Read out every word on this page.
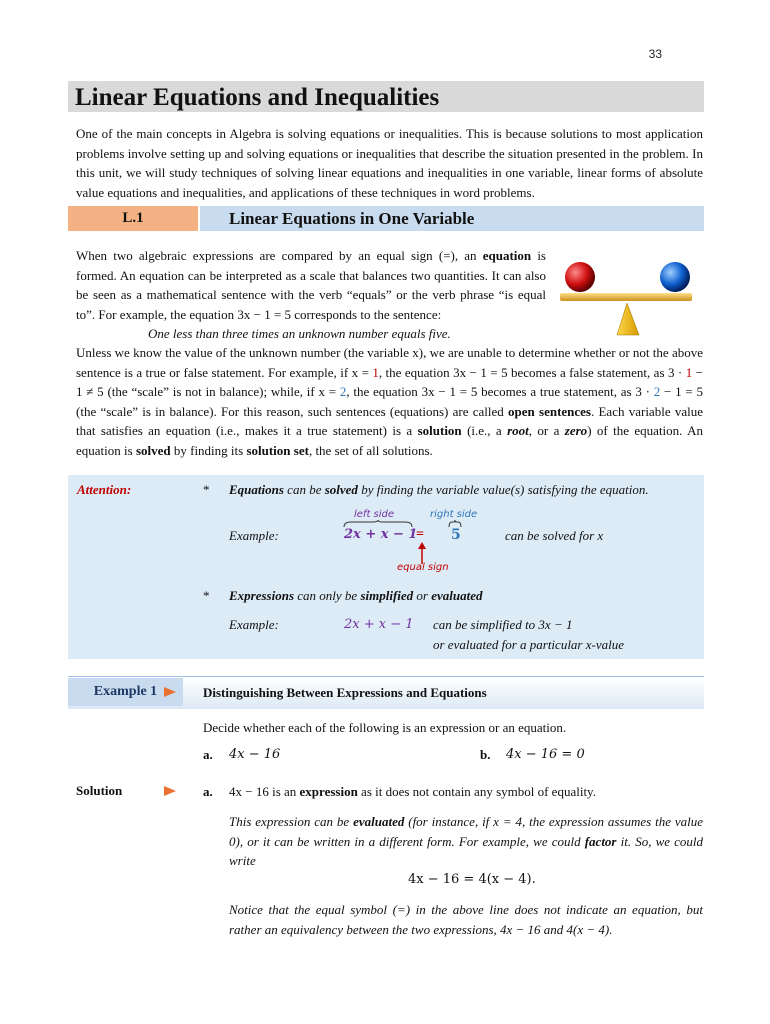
33
Linear Equations and Inequalities
One of the main concepts in Algebra is solving equations or inequalities. This is because solutions to most application problems involve setting up and solving equations or inequalities that describe the situation presented in the problem. In this unit, we will study techniques of solving linear equations and inequalities in one variable, linear forms of absolute value equations and inequalities, and applications of these techniques in word problems.
L.1	Linear Equations in One Variable
When two algebraic expressions are compared by an equal sign (=), an equation is formed. An equation can be interpreted as a scale that balances two quantities. It can also be seen as a mathematical sentence with the verb “equals” or the verb phrase “is equal to”. For example, the equation 3x − 1 = 5 corresponds to the sentence:
One less than three times an unknown number equals five.
Unless we know the value of the unknown number (the variable x), we are unable to determine whether or not the above sentence is a true or false statement. For example, if x = 1, the equation 3x − 1 = 5 becomes a false statement, as 3 · 1 − 1 ≠ 5 (the “scale” is not in balance); while, if x = 2, the equation 3x − 1 = 5 becomes a true statement, as 3 · 2 − 1 = 5 (the “scale” is in balance). For this reason, such sentences (equations) are called open sentences. Each variable value that satisfies an equation (i.e., makes it a true statement) is a solution (i.e., a root, or a zero) of the equation. An equation is solved by finding its solution set, the set of all solutions.
Attention:	* Equations can be solved by finding the variable value(s) satisfying the equation.
Example:
left side	right side
2x + x − 1
= 5
equal sign
can be solved for x
* Expressions can only be simplified or evaluated
Example:	2x + x − 1 can be simplified to 3x − 1
or evaluated for a particular x-value
Example 1	Distinguishing Between Expressions and Equations
Decide whether each of the following is an expression or an equation.
a. 4x − 16	b. 4x − 16 = 0
Solution	a. 4x − 16 is an expression as it does not contain any symbol of equality.
This expression can be evaluated (for instance, if x = 4, the expression assumes the value 0), or it can be written in a different form. For example, we could factor it. So, we could write
4x − 16 = 4(x − 4).
Notice that the equal symbol (=) in the above line does not indicate an equation, but rather an equivalency between the two expressions, 4x − 16 and 4(x − 4).
